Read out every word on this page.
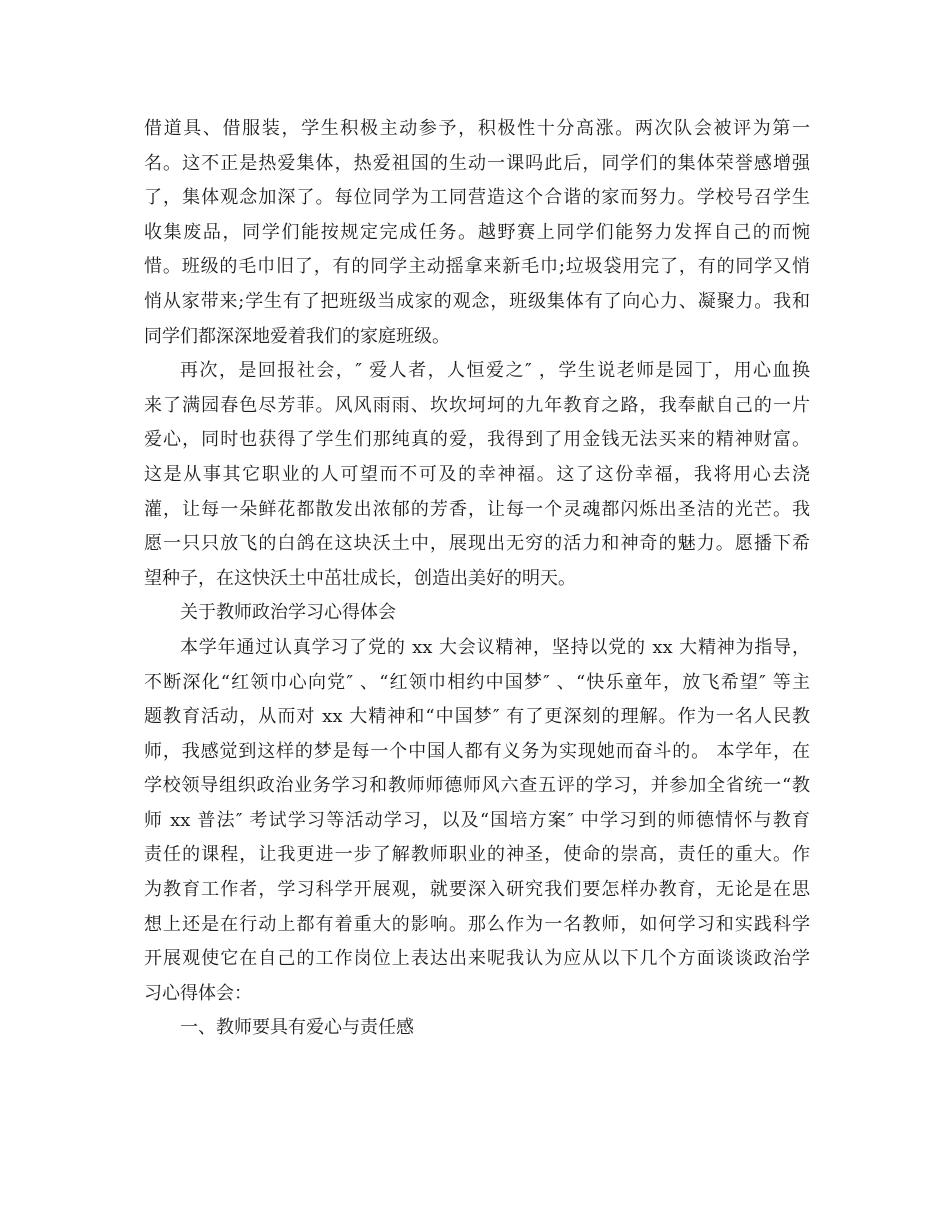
借道具、借服装，学生积极主动参予，积极性十分高涨。两次队会被评为第一
名。这不正是热爱集体，热爱祖国的生动一课吗此后，同学们的集体荣誉感增强
了，集体观念加深了。每位同学为工同营造这个合谐的家而努力。学校号召学生
收集废品，同学们能按规定完成任务。越野赛上同学们能努力发挥自己的而惋
惜。班级的毛巾旧了，有的同学主动摇拿来新毛巾;垃圾袋用完了，有的同学又悄
悄从家带来;学生有了把班级当成家的观念，班级集体有了向心力、凝聚力。我和
同学们都深深地爱着我们的家庭班级。
再次，是回报社会，″ 爱人者，人恒爱之″ ，学生说老师是园丁，用心血换
来了满园春色尽芳菲。风风雨雨、坎坎坷坷的九年教育之路，我奉献自己的一片
爱心，同时也获得了学生们那纯真的爱，我得到了用金钱无法买来的精神财富。
这是从事其它职业的人可望而不可及的幸神福。这了这份幸福，我将用心去浇
灌，让每一朵鲜花都散发出浓郁的芳香，让每一个灵魂都闪烁出圣洁的光芒。我
愿一只只放飞的白鸽在这块沃土中，展现出无穷的活力和神奇的魅力。愿播下希
望种子，在这快沃土中茁壮成长，创造出美好的明天。
关于教师政治学习心得体会
本学年通过认真学习了党的 xx 大会议精神，坚持以党的 xx 大精神为指导，
不断深化“红领巾心向党″ 、“红领巾相约中国梦″ 、“快乐童年，放飞希望″ 等主
题教育活动，从而对 xx 大精神和“中国梦″ 有了更深刻的理解。作为一名人民教
师，我感觉到这样的梦是每一个中国人都有义务为实现她而奋斗的。 本学年，在
学校领导组织政治业务学习和教师师德师风六查五评的学习，并参加全省统一“教
师 xx 普法″ 考试学习等活动学习，以及“国培方案″ 中学习到的师德情怀与教育
责任的课程，让我更进一步了解教师职业的神圣，使命的崇高，责任的重大。作
为教育工作者，学习科学开展观，就要深入研究我们要怎样办教育，无论是在思
想上还是在行动上都有着重大的影响。那么作为一名教师，如何学习和实践科学
开展观使它在自己的工作岗位上表达出来呢我认为应从以下几个方面谈谈政治学
习心得体会：
一、教师要具有爱心与责任感
